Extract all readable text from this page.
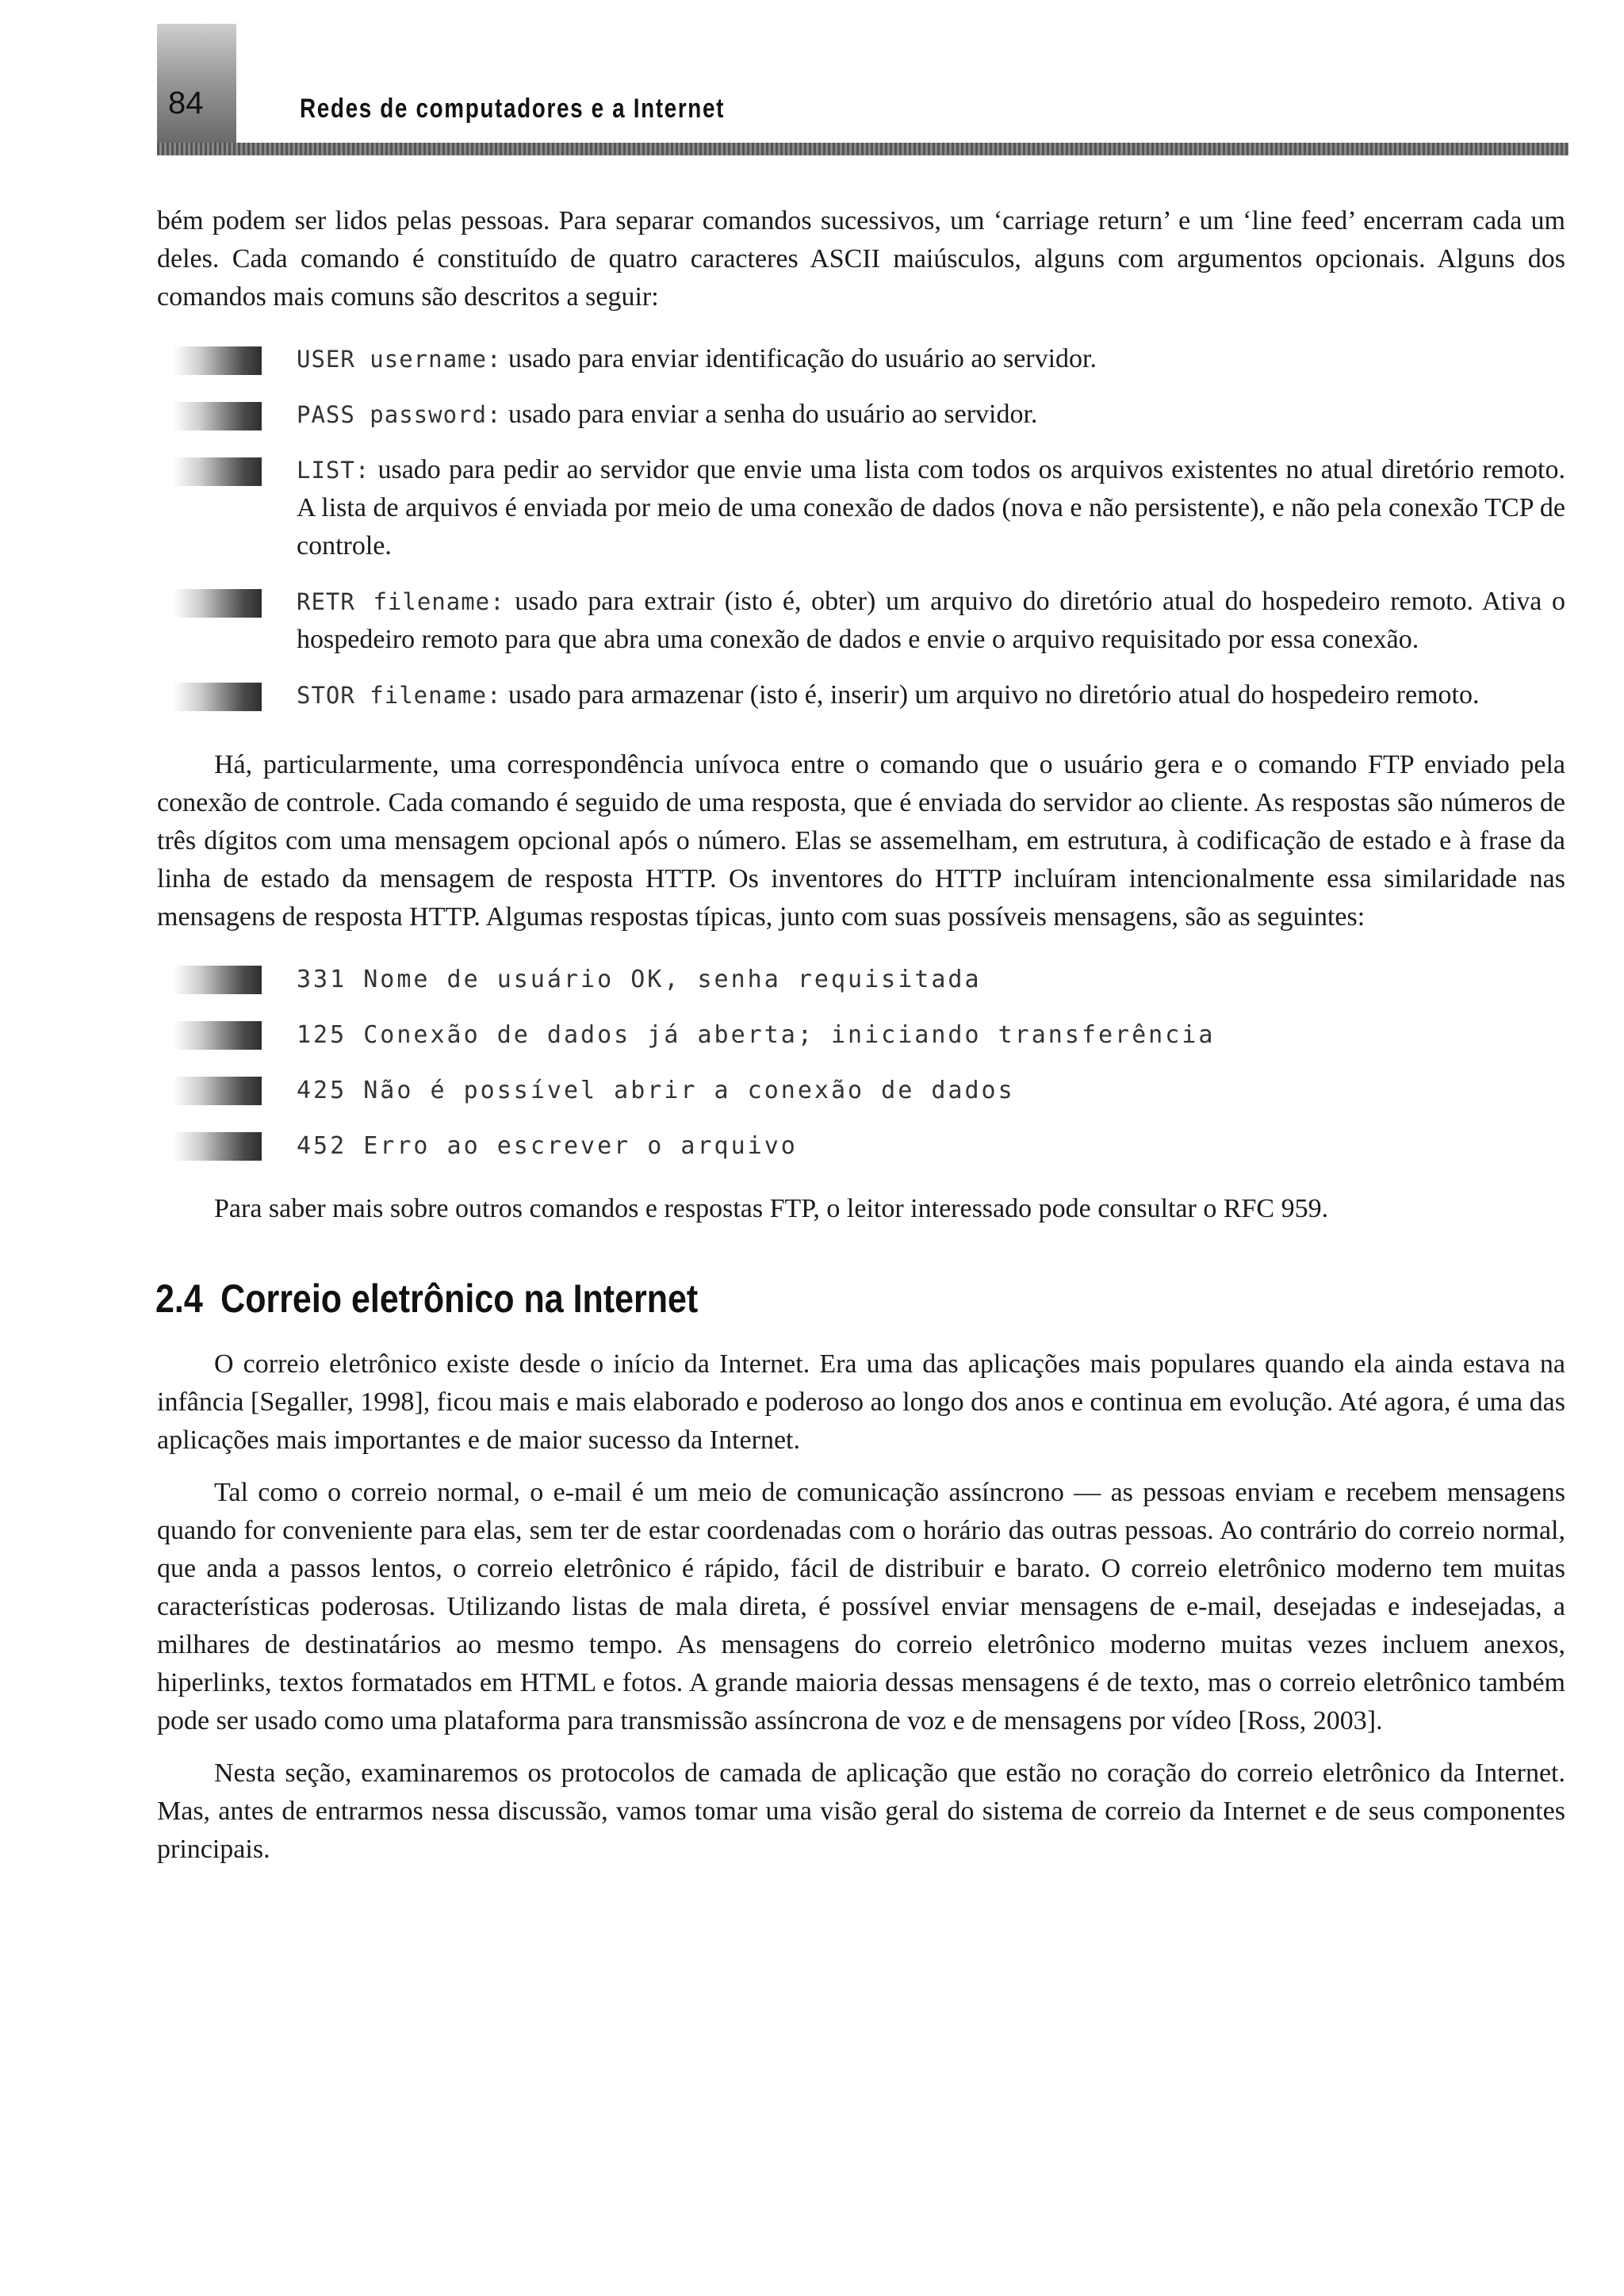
84	Redes de computadores e a Internet

bém podem ser lidos pelas pessoas. Para separar comandos sucessivos, um ‘carriage return’ e um ‘line feed’ encerram cada um deles. Cada comando é constituído de quatro caracteres ASCII maiúsculos, alguns com argumentos opcionais. Alguns dos comandos mais comuns são descritos a seguir:

USER username: usado para enviar identificação do usuário ao servidor.
PASS password: usado para enviar a senha do usuário ao servidor.
LIST: usado para pedir ao servidor que envie uma lista com todos os arquivos existentes no atual diretório remoto. A lista de arquivos é enviada por meio de uma conexão de dados (nova e não persistente), e não pela conexão TCP de controle.
RETR filename: usado para extrair (isto é, obter) um arquivo do diretório atual do hospedeiro remoto. Ativa o hospedeiro remoto para que abra uma conexão de dados e envie o arquivo requisitado por essa conexão.
STOR filename: usado para armazenar (isto é, inserir) um arquivo no diretório atual do hospedeiro remoto.

Há, particularmente, uma correspondência unívoca entre o comando que o usuário gera e o comando FTP enviado pela conexão de controle. Cada comando é seguido de uma resposta, que é enviada do servidor ao cliente. As respostas são números de três dígitos com uma mensagem opcional após o número. Elas se assemelham, em estrutura, à codificação de estado e à frase da linha de estado da mensagem de resposta HTTP. Os inventores do HTTP incluíram intencionalmente essa similaridade nas mensagens de resposta HTTP. Algumas respostas típicas, junto com suas possíveis mensagens, são as seguintes:

331 Nome de usuário OK, senha requisitada
125 Conexão de dados já aberta; iniciando transferência
425 Não é possível abrir a conexão de dados
452 Erro ao escrever o arquivo

Para saber mais sobre outros comandos e respostas FTP, o leitor interessado pode consultar o RFC 959.

2.4 Correio eletrônico na Internet

O correio eletrônico existe desde o início da Internet. Era uma das aplicações mais populares quando ela ainda estava na infância [Segaller, 1998], ficou mais e mais elaborado e poderoso ao longo dos anos e continua em evolução. Até agora, é uma das aplicações mais importantes e de maior sucesso da Internet.

Tal como o correio normal, o e-mail é um meio de comunicação assíncrono — as pessoas enviam e recebem mensagens quando for conveniente para elas, sem ter de estar coordenadas com o horário das outras pessoas. Ao contrário do correio normal, que anda a passos lentos, o correio eletrônico é rápido, fácil de distribuir e barato. O correio eletrônico moderno tem muitas características poderosas. Utilizando listas de mala direta, é possível enviar mensagens de e-mail, desejadas e indesejadas, a milhares de destinatários ao mesmo tempo. As mensagens do correio eletrônico moderno muitas vezes incluem anexos, hiperlinks, textos formatados em HTML e fotos. A grande maioria dessas mensagens é de texto, mas o correio eletrônico também pode ser usado como uma plataforma para transmissão assíncrona de voz e de mensagens por vídeo [Ross, 2003].

Nesta seção, examinaremos os protocolos de camada de aplicação que estão no coração do correio eletrônico da Internet. Mas, antes de entrarmos nessa discussão, vamos tomar uma visão geral do sistema de correio da Internet e de seus componentes principais.
